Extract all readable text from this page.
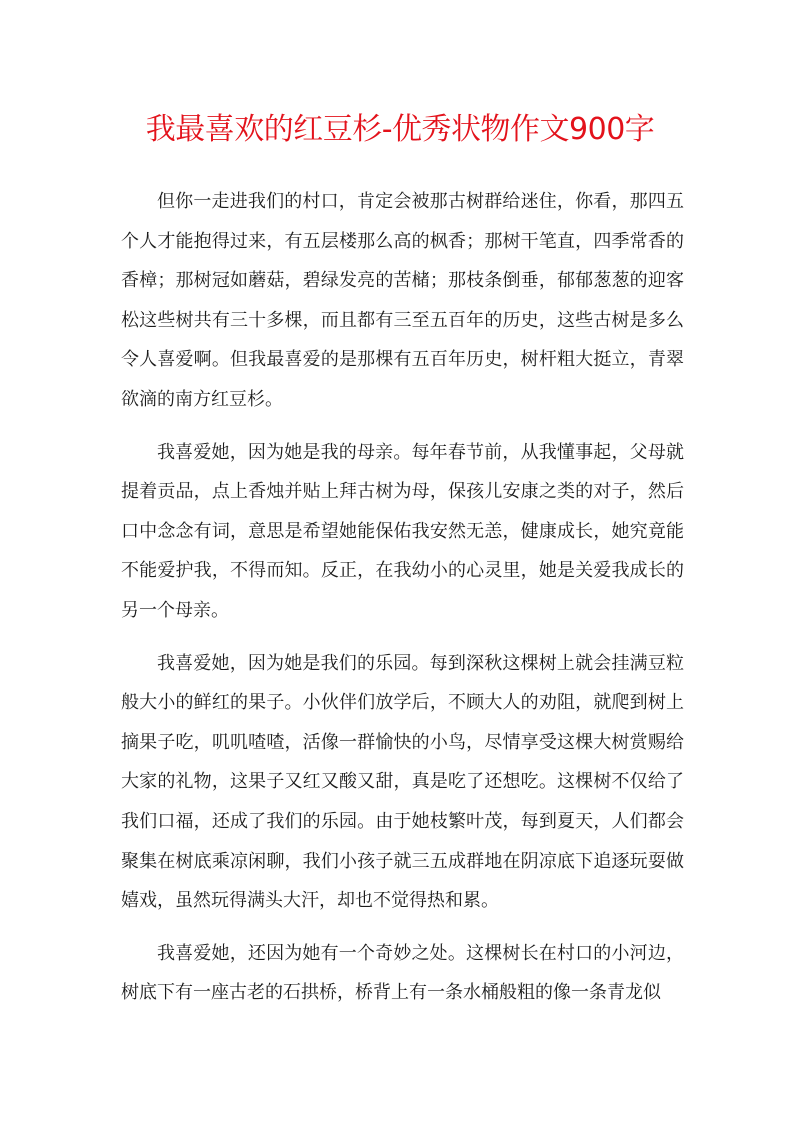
我最喜欢的红豆杉-优秀状物作文900字

但你一走进我们的村口，肯定会被那古树群给迷住，你看，那四五个人才能抱得过来，有五层楼那么高的枫香；那树干笔直，四季常香的香樟；那树冠如蘑菇，碧绿发亮的苦槠；那枝条倒垂，郁郁葱葱的迎客松这些树共有三十多棵，而且都有三至五百年的历史，这些古树是多么令人喜爱啊。但我最喜爱的是那棵有五百年历史，树杆粗大挺立，青翠欲滴的南方红豆杉。

我喜爱她，因为她是我的母亲。每年春节前，从我懂事起，父母就提着贡品，点上香烛并贴上拜古树为母，保孩儿安康之类的对子，然后口中念念有词，意思是希望她能保佑我安然无恙，健康成长，她究竟能不能爱护我，不得而知。反正，在我幼小的心灵里，她是关爱我成长的另一个母亲。

我喜爱她，因为她是我们的乐园。每到深秋这棵树上就会挂满豆粒般大小的鲜红的果子。小伙伴们放学后，不顾大人的劝阻，就爬到树上摘果子吃，叽叽喳喳，活像一群愉快的小鸟，尽情享受这棵大树赏赐给大家的礼物，这果子又红又酸又甜，真是吃了还想吃。这棵树不仅给了我们口福，还成了我们的乐园。由于她枝繁叶茂，每到夏天，人们都会聚集在树底乘凉闲聊，我们小孩子就三五成群地在阴凉底下追逐玩耍做嬉戏，虽然玩得满头大汗，却也不觉得热和累。

我喜爱她，还因为她有一个奇妙之处。这棵树长在村口的小河边，树底下有一座古老的石拱桥，桥背上有一条水桶般粗的像一条青龙似
